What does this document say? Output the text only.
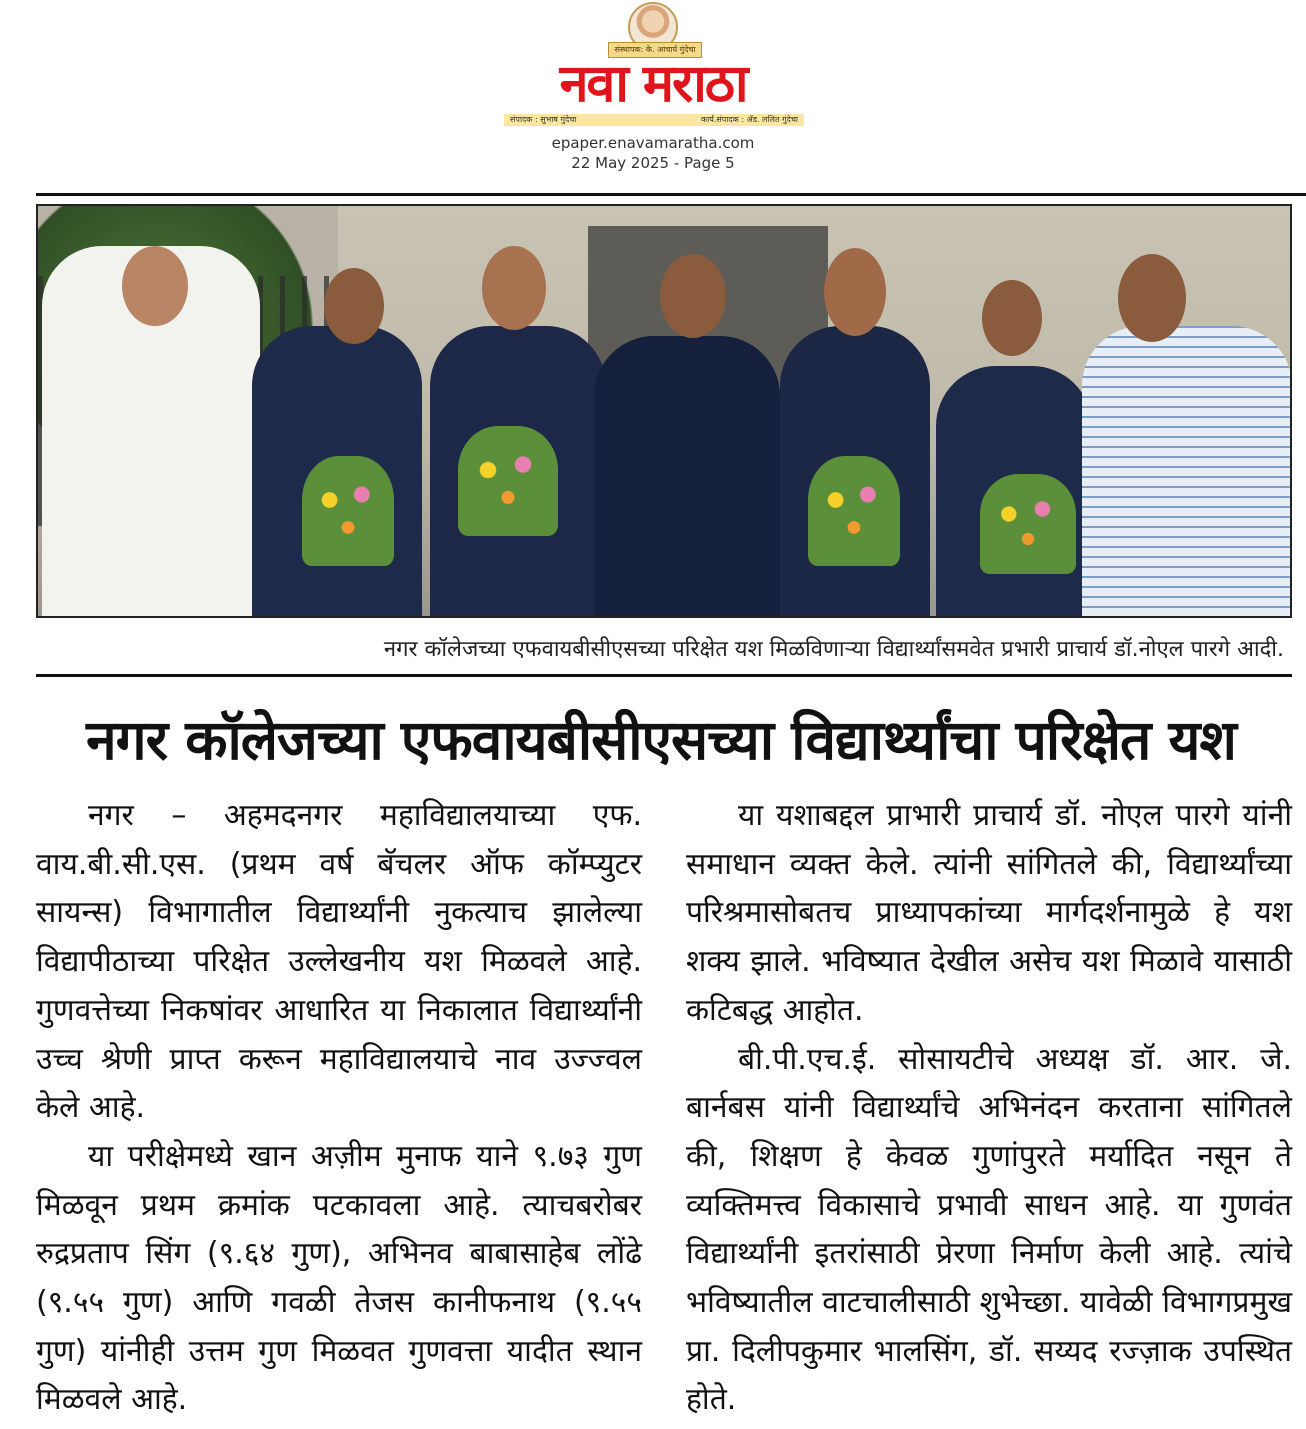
संस्थापक: के. आचार्य गुंदेचा
नवा मराठा
संपादक : सुभाष गुंदेचा	कार्य.संपादक : ॲड. ललित गुंदेचा
epaper.enavamaratha.com
22 May 2025 - Page 5
नगर कॉलेजच्या एफवायबीसीएसच्या परिक्षेत यश मिळविणाऱ्या विद्यार्थ्यांसमवेत प्रभारी प्राचार्य डॉ.नोएल पारगे आदी.
नगर कॉलेजच्या एफवायबीसीएसच्या विद्यार्थ्यांचा परिक्षेत यश

नगर – अहमदनगर महाविद्यालयाच्या एफ. वाय.बी.सी.एस. (प्रथम वर्ष बॅचलर ऑफ कॉम्प्युटर सायन्स) विभागातील विद्यार्थ्यांनी नुकत्याच झालेल्या विद्यापीठाच्या परिक्षेत उल्लेखनीय यश मिळवले आहे. गुणवत्तेच्या निकषांवर आधारित या निकालात विद्यार्थ्यांनी उच्च श्रेणी प्राप्त करून महाविद्यालयाचे नाव उज्ज्वल केले आहे.

या परीक्षेमध्ये खान अज़ीम मुनाफ याने ९.७३ गुण मिळवून प्रथम क्रमांक पटकावला आहे. त्याचबरोबर रुद्रप्रताप सिंग (९.६४ गुण), अभिनव बाबासाहेब लोंढे (९.५५ गुण) आणि गवळी तेजस कानीफनाथ (९.५५ गुण) यांनीही उत्तम गुण मिळवत गुणवत्ता यादीत स्थान मिळवले आहे.

या यशाबद्दल प्राभारी प्राचार्य डॉ. नोएल पारगे यांनी समाधान व्यक्त केले. त्यांनी सांगितले की, विद्यार्थ्यांच्या परिश्रमासोबतच प्राध्यापकांच्या मार्गदर्शनामुळे हे यश शक्य झाले. भविष्यात देखील असेच यश मिळावे यासाठी कटिबद्ध आहोत.

बी.पी.एच.ई. सोसायटीचे अध्यक्ष डॉ. आर. जे. बार्नबस यांनी विद्यार्थ्यांचे अभिनंदन करताना सांगितले की, शिक्षण हे केवळ गुणांपुरते मर्यादित नसून ते व्यक्तिमत्त्व विकासाचे प्रभावी साधन आहे. या गुणवंत विद्यार्थ्यांनी इतरांसाठी प्रेरणा निर्माण केली आहे. त्यांचे भविष्यातील वाटचालीसाठी शुभेच्छा. यावेळी विभागप्रमुख प्रा. दिलीपकुमार भालसिंग, डॉ. सय्यद रज्ज़ाक उपस्थित होते.
